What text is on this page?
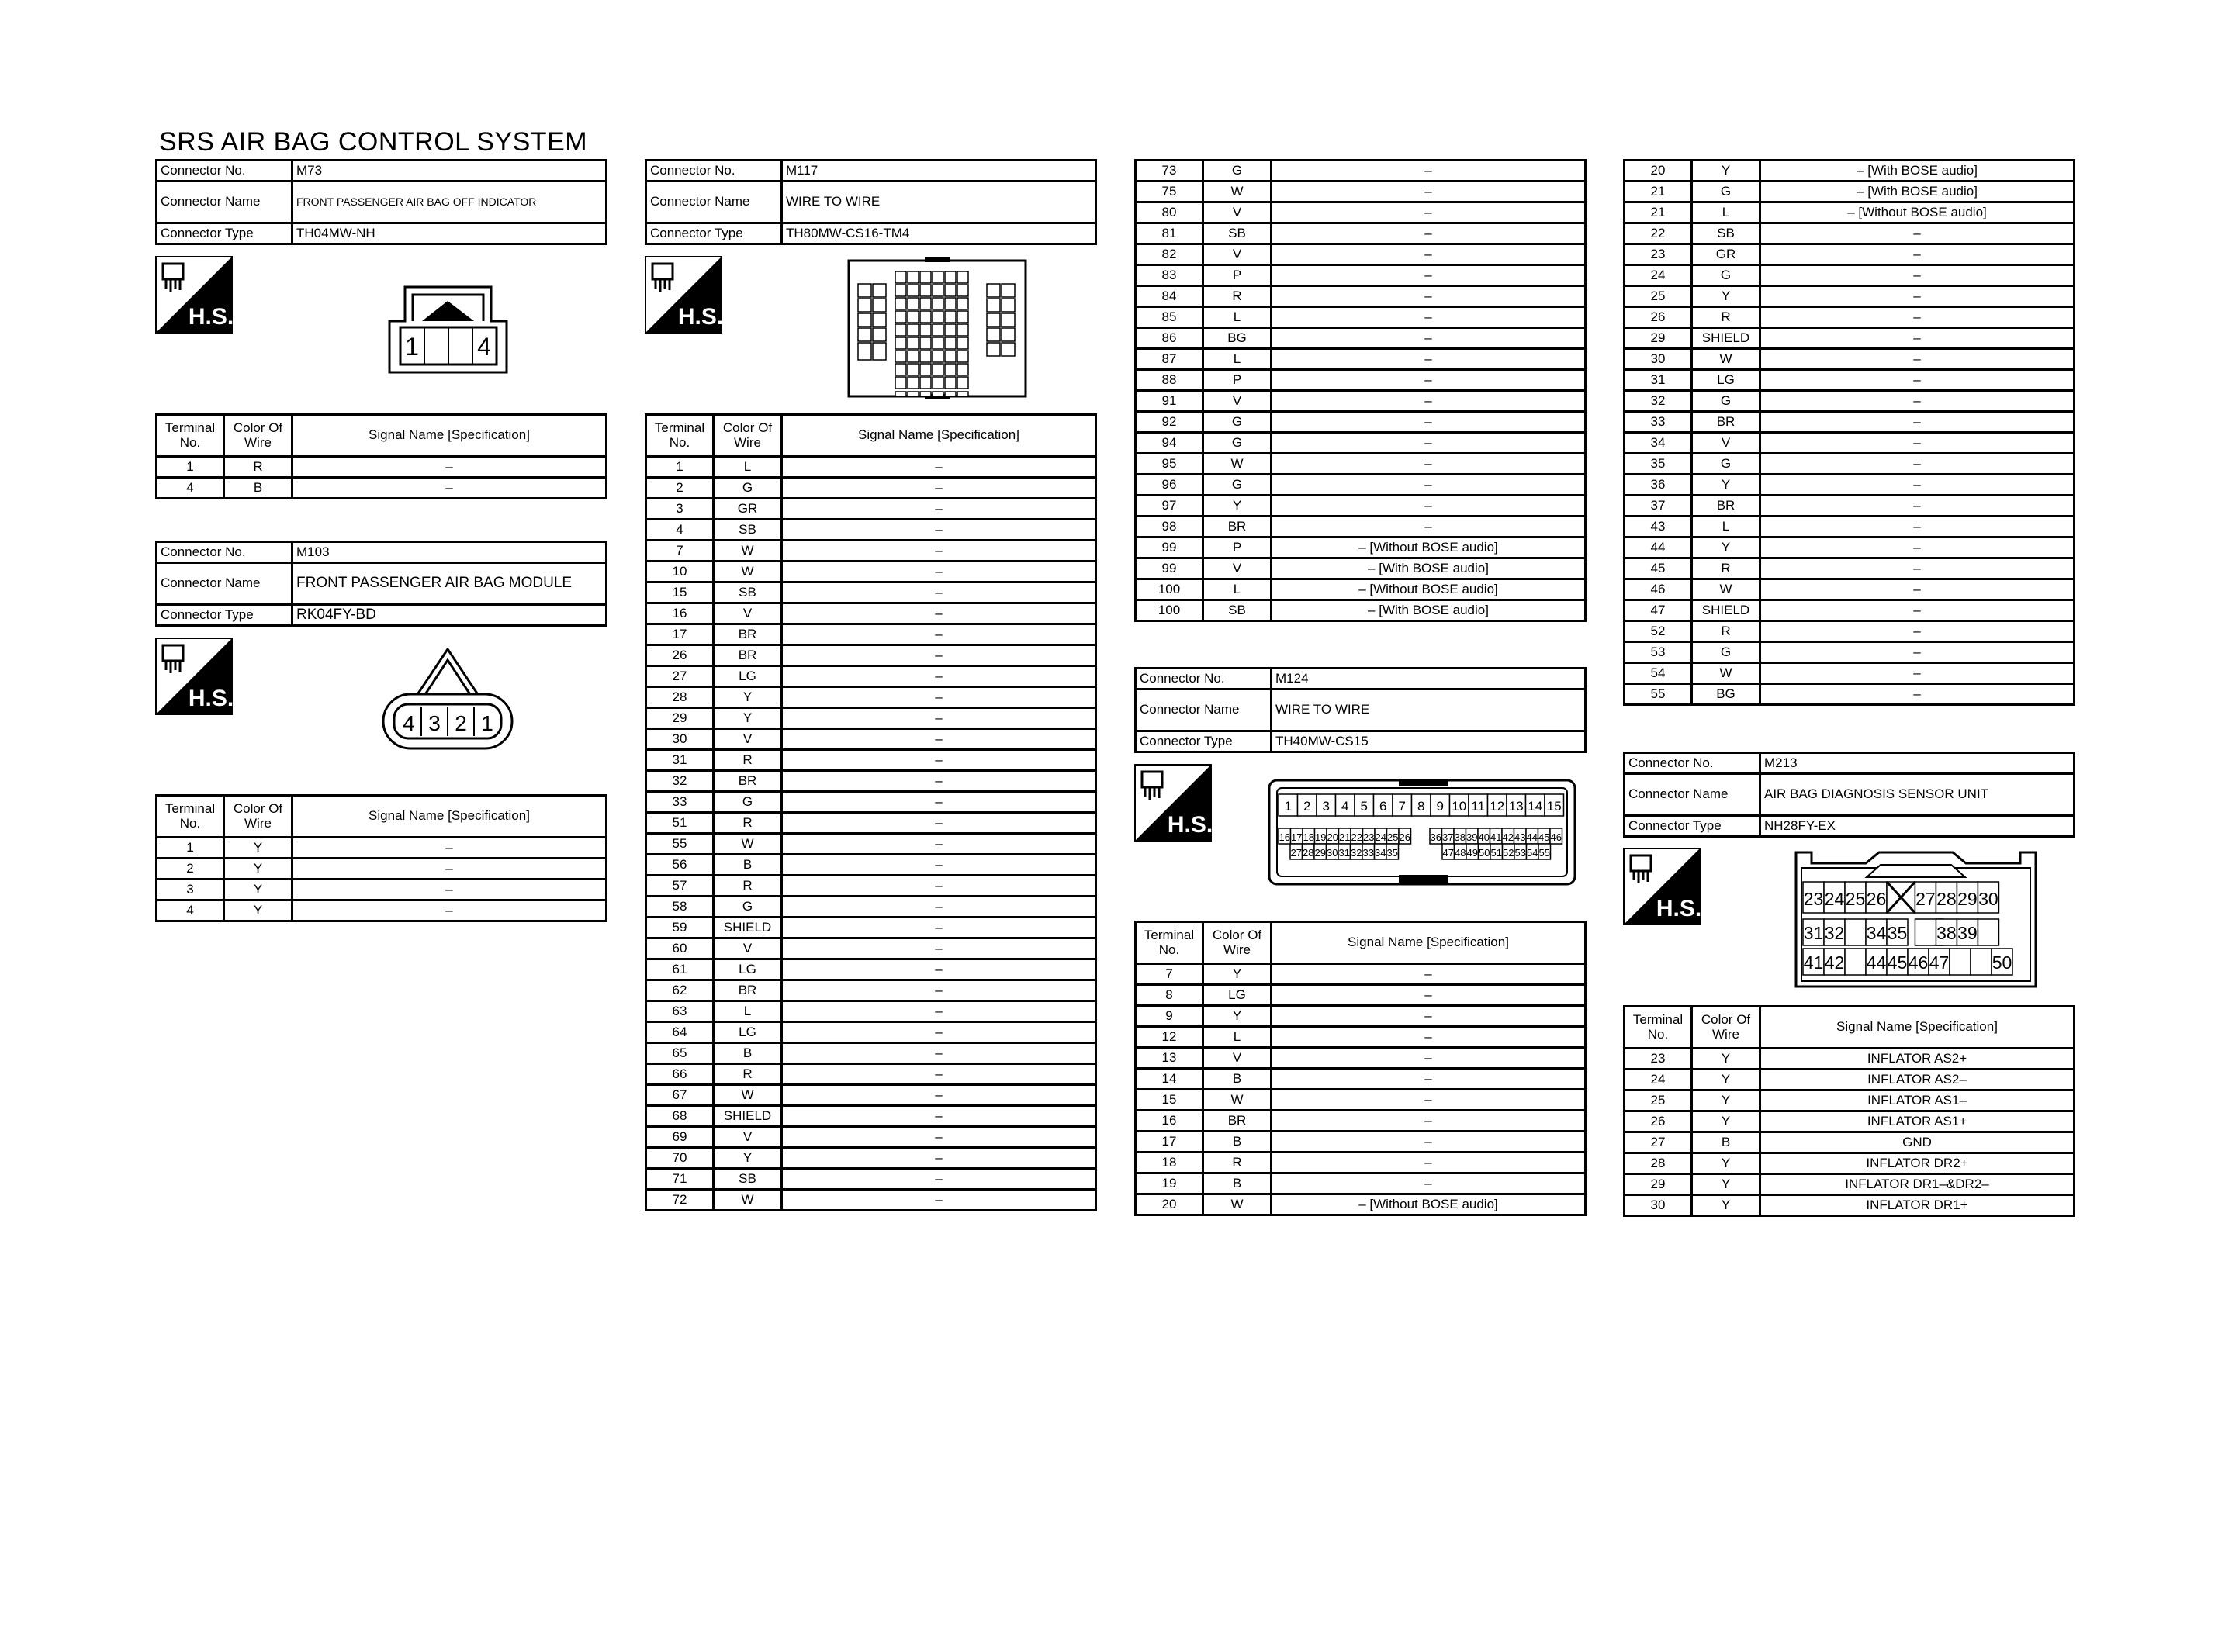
SRS AIR BAG CONTROL SYSTEM
Connector No.	M73
Connector Name	FRONT PASSENGER AIR BAG OFF INDICATOR
Connector Type	TH04MW-NH
H.S.
1 4
Terminal No.	Color Of Wire	Signal Name [Specification]
1	R	–
4	B	–
Connector No.	M103
Connector Name	FRONT PASSENGER AIR BAG MODULE
Connector Type	RK04FY-BD
H.S.
4 3 2 1
Terminal No.	Color Of Wire	Signal Name [Specification]
1	Y	–
2	Y	–
3	Y	–
4	Y	–
Connector No.	M117
Connector Name	WIRE TO WIRE
Connector Type	TH80MW-CS16-TM4
H.S.
Terminal No.	Color Of Wire	Signal Name [Specification]
1	L	–
2	G	–
3	GR	–
4	SB	–
7	W	–
10	W	–
15	SB	–
16	V	–
17	BR	–
26	BR	–
27	LG	–
28	Y	–
29	Y	–
30	V	–
31	R	–
32	BR	–
33	G	–
51	R	–
55	W	–
56	B	–
57	R	–
58	G	–
59	SHIELD	–
60	V	–
61	LG	–
62	BR	–
63	L	–
64	LG	–
65	B	–
66	R	–
67	W	–
68	SHIELD	–
69	V	–
70	Y	–
71	SB	–
72	W	–
73	G	–
75	W	–
80	V	–
81	SB	–
82	V	–
83	P	–
84	R	–
85	L	–
86	BG	–
87	L	–
88	P	–
91	V	–
92	G	–
94	G	–
95	W	–
96	G	–
97	Y	–
98	BR	–
99	P	– [Without BOSE audio]
99	V	– [With BOSE audio]
100	L	– [Without BOSE audio]
100	SB	– [With BOSE audio]
Connector No.	M124
Connector Name	WIRE TO WIRE
Connector Type	TH40MW-CS15
H.S.
1 2 3 4 5 6 7 8 9 10 11 12 13 14 15
16 17 18 19 20 21 22 23 24 25 26 36 37 38 39 40 41 42 43 44 45 46
27 28 29 30 31 32 33 34 35	47 48 49 50 51 52 53 54 55
Terminal No.	Color Of Wire	Signal Name [Specification]
7	Y	–
8	LG	–
9	Y	–
12	L	–
13	V	–
14	B	–
15	W	–
16	BR	–
17	B	–
18	R	–
19	B	–
20	W	– [Without BOSE audio]
20	Y	– [With BOSE audio]
21	G	– [With BOSE audio]
21	L	– [Without BOSE audio]
22	SB	–
23	GR	–
24	G	–
25	Y	–
26	R	–
29	SHIELD	–
30	W	–
31	LG	–
32	G	–
33	BR	–
34	V	–
35	G	–
36	Y	–
37	BR	–
43	L	–
44	Y	–
45	R	–
46	W	–
47	SHIELD	–
52	R	–
53	G	–
54	W	–
55	BG	–
Connector No.	M213
Connector Name	AIR BAG DIAGNOSIS SENSOR UNIT
Connector Type	NH28FY-EX
H.S.	23 24 25 26 27 28 29 30
31 32 34 35 38 39
41 42 44 45 46 47 50
Terminal No.	Color Of Wire	Signal Name [Specification]
23	Y	INFLATOR AS2+
24	Y	INFLATOR AS2–
25	Y	INFLATOR AS1–
26	Y	INFLATOR AS1+
27	B	GND
28	Y	INFLATOR DR2+
29	Y	INFLATOR DR1–&DR2–
30	Y	INFLATOR DR1+
